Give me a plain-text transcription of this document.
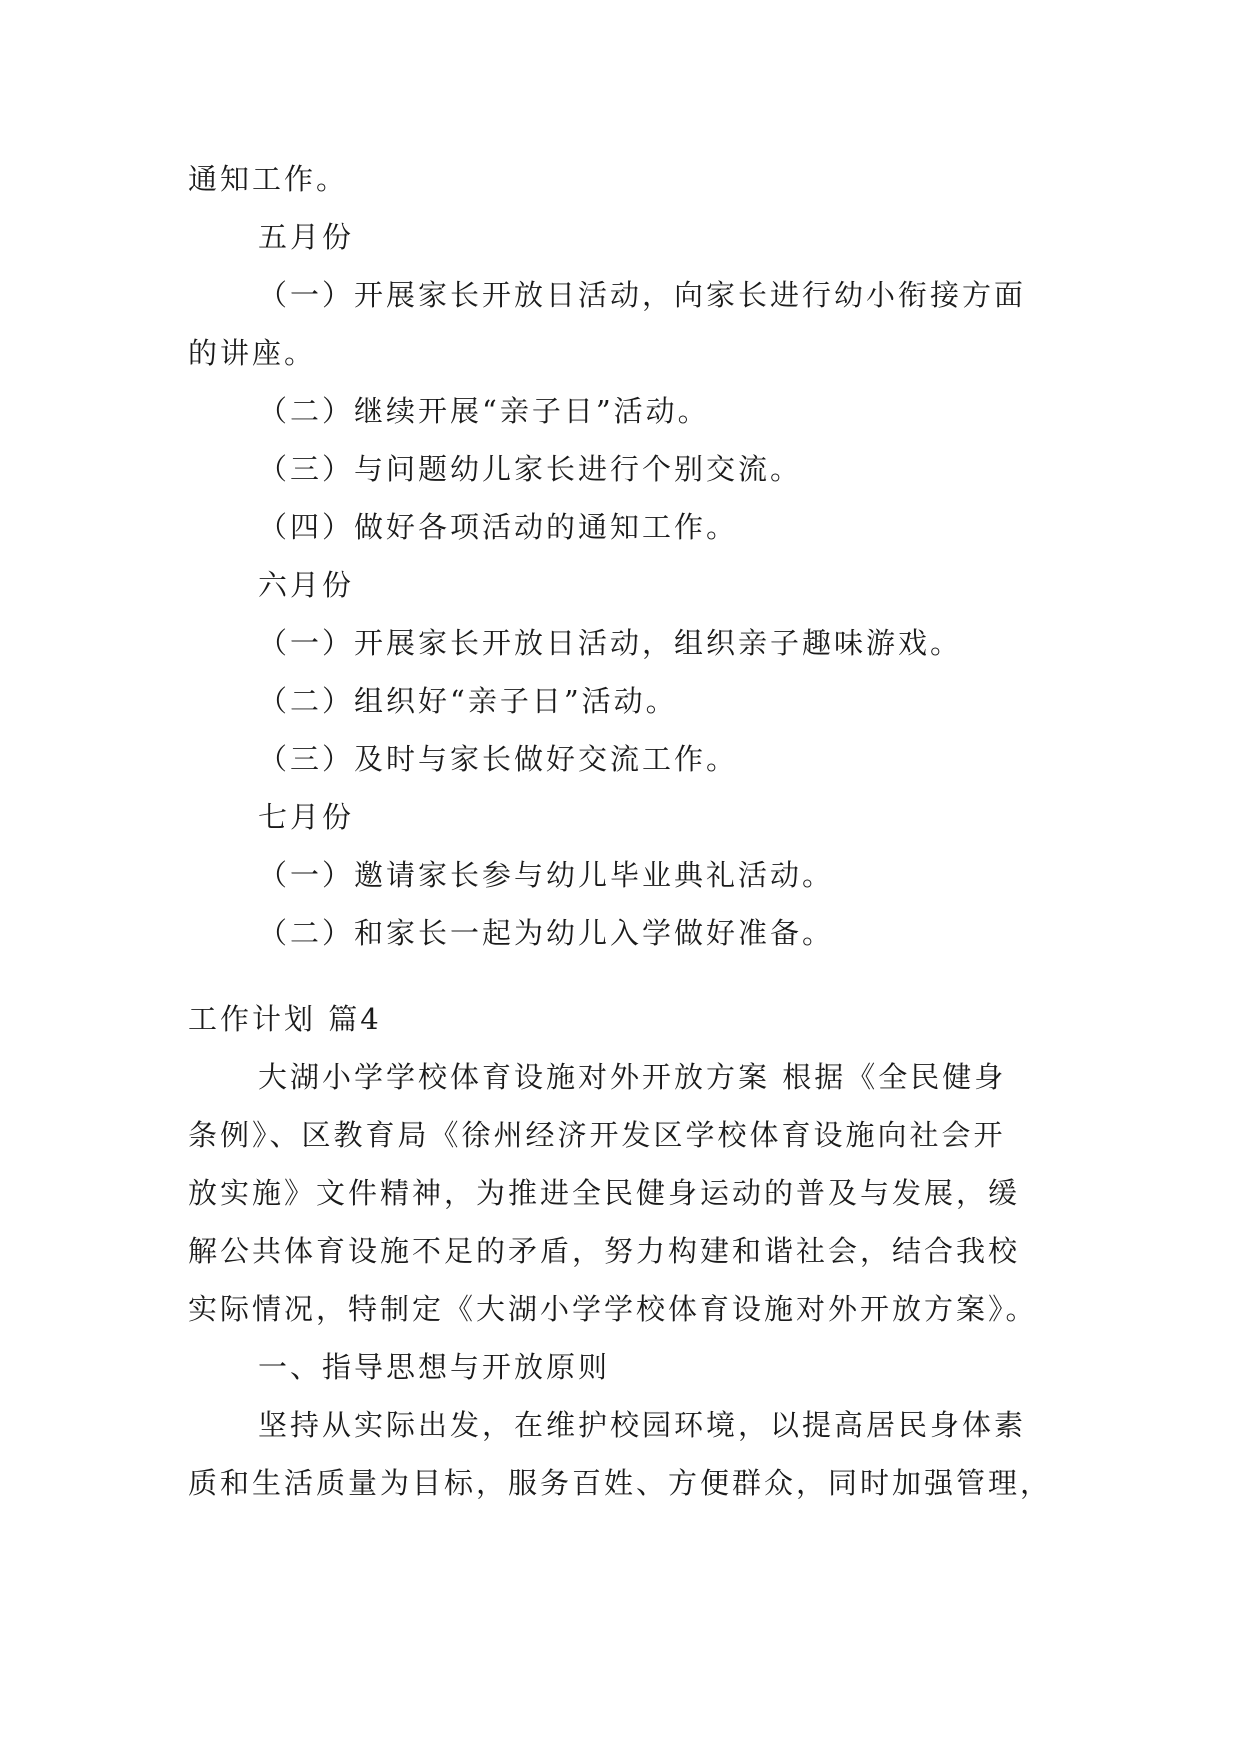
通知工作。

五月份

（一）开展家长开放日活动，向家长进行幼小衔接方面

的讲座。

（二）继续开展“亲子日”活动。

（三）与问题幼儿家长进行个别交流。

（四）做好各项活动的通知工作。

六月份

（一）开展家长开放日活动，组织亲子趣味游戏。

（二）组织好“亲子日”活动。

（三）及时与家长做好交流工作。

七月份

（一）邀请家长参与幼儿毕业典礼活动。

（二）和家长一起为幼儿入学做好准备。

工作计划 篇4

大湖小学学校体育设施对外开放方案 根据《全民健身

条例》、区教育局《徐州经济开发区学校体育设施向社会开

放实施》文件精神，为推进全民健身运动的普及与发展，缓

解公共体育设施不足的矛盾，努力构建和谐社会，结合我校

实际情况，特制定《大湖小学学校体育设施对外开放方案》。

一、指导思想与开放原则

坚持从实际出发，在维护校园环境，以提高居民身体素

质和生活质量为目标，服务百姓、方便群众，同时加强管理，
